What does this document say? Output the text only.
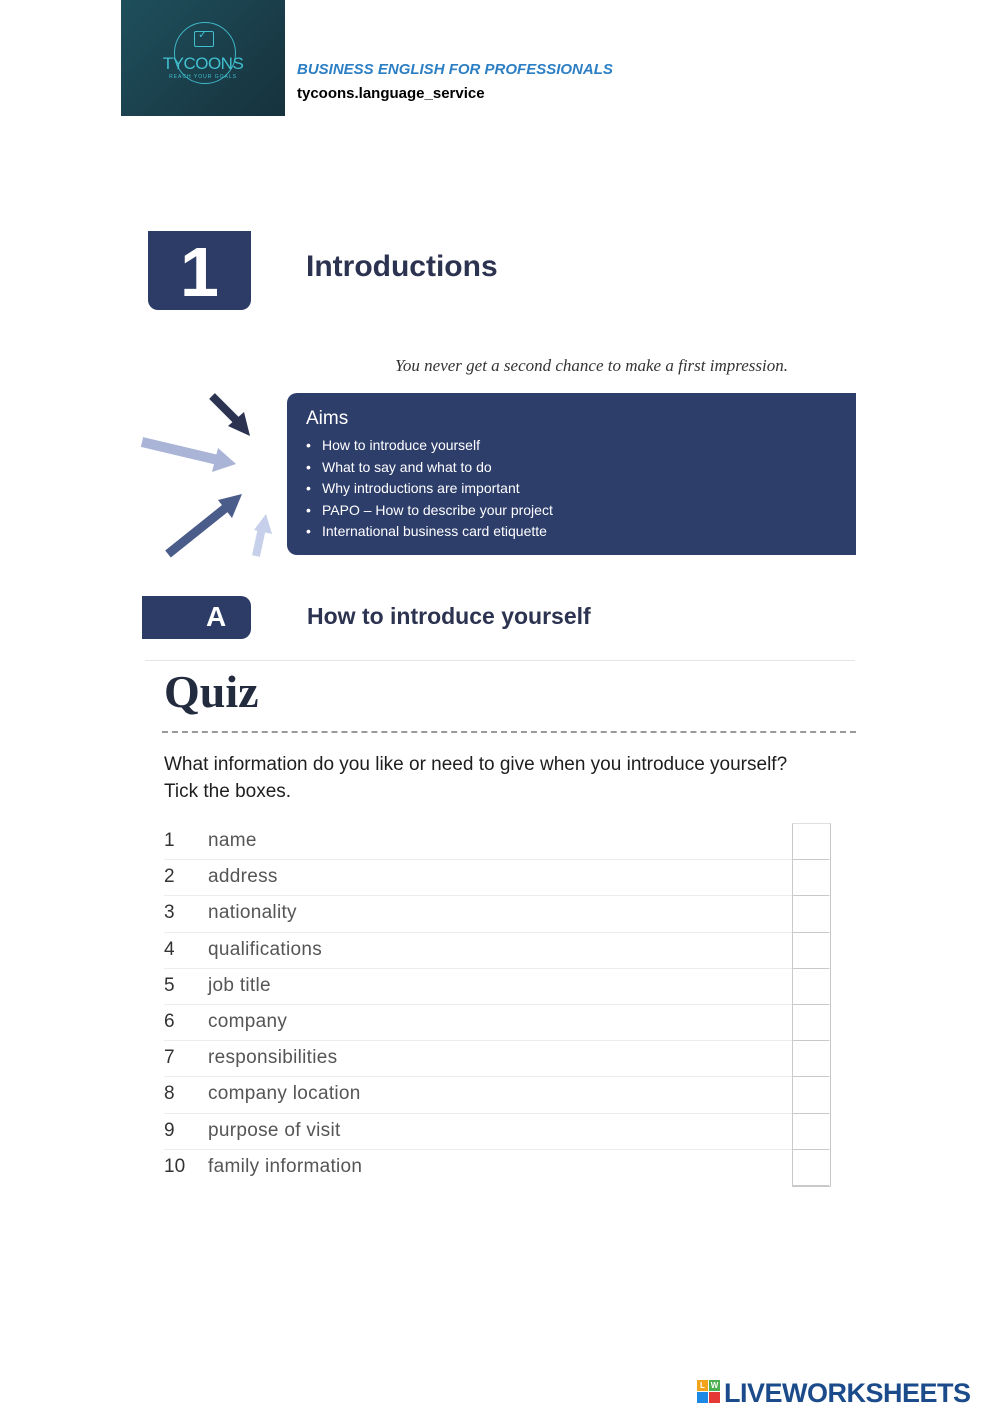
✓
TYCOONS
REACH YOUR GOALS	BUSINESS ENGLISH FOR PROFESSIONALS
tycoons.language_service
1	Introductions
You never get a second chance to make a first impression.
Aims
• How to introduce yourself
• What to say and what to do
• Why introductions are important
• PAPO – How to describe your project
• International business card etiquette
A	How to introduce yourself
Quiz
What information do you like or need to give when you introduce yourself? Tick the boxes.
1 name
2 address
3 nationality
4 qualifications
5 job title
6 company
7 responsibilities
8 company location
9 purpose of visit
10 family information
L W LIVEWORKSHEETS
